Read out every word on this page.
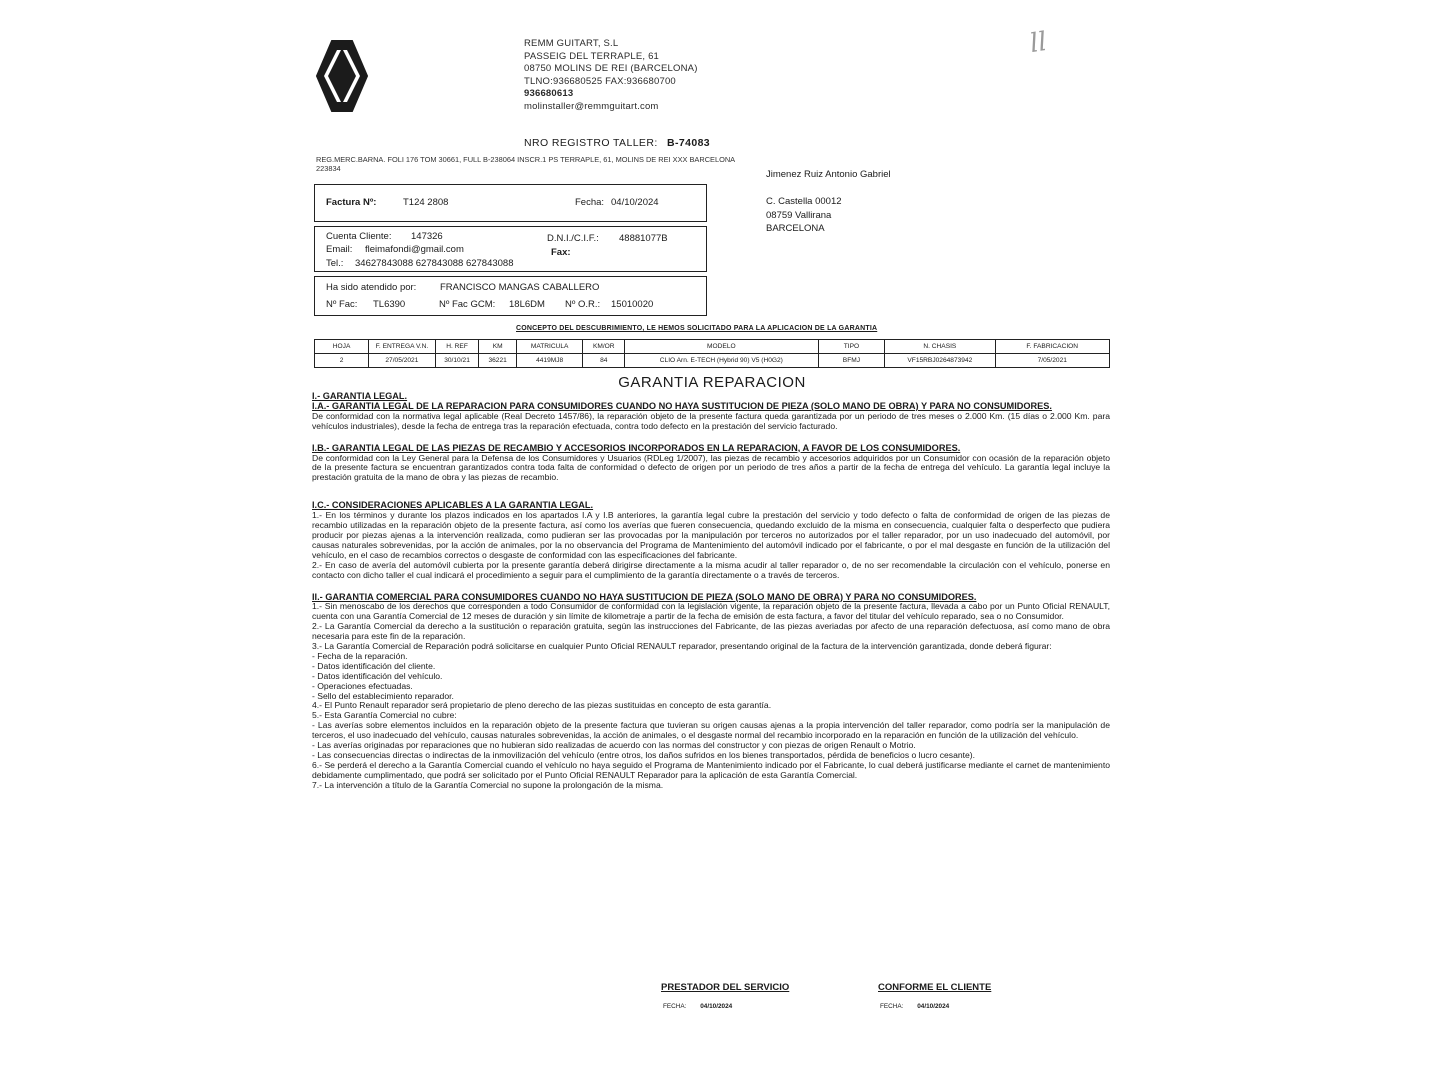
REMM GUITART, S.L
PASSEIG DEL TERRAPLE, 61
08750 MOLINS DE REI (BARCELONA)
TLNO:936680525 FAX:936680700
936680613
molinstaller@remmguitart.com
ll
NRO REGISTRO TALLER: B-74083
REG.MERC.BARNA. FOLI 176 TOM 30661, FULL B-238064 INSCR.1 PS TERRAPLE, 61, MOLINS DE REI XXX BARCELONA 223834
Factura Nº:	T124 2808	Fecha: 04/10/2024
Cuenta Cliente: 147326	D.N.I./C.I.F.: 48881077B
Email: fleimafondi@gmail.com	Fax:
Tel.: 34627843088 627843088 627843088
Ha sido atendido por: FRANCISCO MANGAS CABALLERO
Nº Fac: TL6390	Nº Fac GCM: 18L6DM Nº O.R.: 15010020
Jimenez Ruiz Antonio Gabriel
C. Castella 00012
08759 Vallirana
BARCELONA
CONCEPTO DEL DESCUBRIMIENTO, LE HEMOS SOLICITADO PARA LA APLICACION DE LA GARANTIA
HOJA	F. ENTREGA V.N.	H. REF	KM	MATRICULA	KM/OR	MODELO	TIPO	N. CHASIS	F. FABRICACION
2	27/05/2021	30/10/21	36221	4419MJ8	84	CLIO Arn. E-TECH (Hybrid 90) V5 (H0G2)	BFMJ	VF15RBJ0264873942	7/05/2021
GARANTIA REPARACION

I.- GARANTIA LEGAL.

I.A.- GARANTIA LEGAL DE LA REPARACION PARA CONSUMIDORES CUANDO NO HAYA SUSTITUCION DE PIEZA (SOLO MANO DE OBRA) Y PARA NO CONSUMIDORES.

De conformidad con la normativa legal aplicable (Real Decreto 1457/86), la reparación objeto de la presente factura queda garantizada por un periodo de tres meses o 2.000 Km. (15 días o 2.000 Km. para vehículos industriales), desde la fecha de entrega tras la reparación efectuada, contra todo defecto en la prestación del servicio facturado.

I.B.- GARANTIA LEGAL DE LAS PIEZAS DE RECAMBIO Y ACCESORIOS INCORPORADOS EN LA REPARACION, A FAVOR DE LOS CONSUMIDORES.

De conformidad con la Ley General para la Defensa de los Consumidores y Usuarios (RDLeg 1/2007), las piezas de recambio y accesorios adquiridos por un Consumidor con ocasión de la reparación objeto de la presente factura se encuentran garantizados contra toda falta de conformidad o defecto de origen por un periodo de tres años a partir de la fecha de entrega del vehículo. La garantía legal incluye la prestación gratuita de la mano de obra y las piezas de recambio.

I.C.- CONSIDERACIONES APLICABLES A LA GARANTIA LEGAL.

1.- En los términos y durante los plazos indicados en los apartados I.A y I.B anteriores, la garantía legal cubre la prestación del servicio y todo defecto o falta de conformidad de origen de las piezas de recambio utilizadas en la reparación objeto de la presente factura, así como los averías que fueren consecuencia, quedando excluido de la misma en consecuencia, cualquier falta o desperfecto que pudiera producir por piezas ajenas a la intervención realizada, como pudieran ser las provocadas por la manipulación por terceros no autorizados por el taller reparador, por un uso inadecuado del automóvil, por causas naturales sobrevenidas, por la acción de animales, por la no observancia del Programa de Mantenimiento del automóvil indicado por el fabricante, o por el mal desgaste en función de la utilización del vehículo, en el caso de recambios correctos o desgaste de conformidad con las especificaciones del fabricante.

2.- En caso de avería del automóvil cubierta por la presente garantía deberá dirigirse directamente a la misma acudir al taller reparador o, de no ser recomendable la circulación con el vehículo, ponerse en contacto con dicho taller el cual indicará el procedimiento a seguir para el cumplimiento de la garantía directamente o a través de terceros.

II.- GARANTIA COMERCIAL PARA CONSUMIDORES CUANDO NO HAYA SUSTITUCION DE PIEZA (SOLO MANO DE OBRA) Y PARA NO CONSUMIDORES.

1.- Sin menoscabo de los derechos que corresponden a todo Consumidor de conformidad con la legislación vigente, la reparación objeto de la presente factura, llevada a cabo por un Punto Oficial RENAULT, cuenta con una Garantía Comercial de 12 meses de duración y sin límite de kilometraje a partir de la fecha de emisión de esta factura, a favor del titular del vehículo reparado, sea o no Consumidor.

2.- La Garantía Comercial da derecho a la sustitución o reparación gratuita, según las instrucciones del Fabricante, de las piezas averiadas por afecto de una reparación defectuosa, así como mano de obra necesaria para este fin de la reparación.

3.- La Garantía Comercial de Reparación podrá solicitarse en cualquier Punto Oficial RENAULT reparador, presentando original de la factura de la intervención garantizada, donde deberá figurar:

- Fecha de la reparación.

- Datos identificación del cliente.

- Datos identificación del vehículo.

- Operaciones efectuadas.

- Sello del establecimiento reparador.

4.- El Punto Renault reparador será propietario de pleno derecho de las piezas sustituidas en concepto de esta garantía.

5.- Esta Garantía Comercial no cubre:

- Las averías sobre elementos incluidos en la reparación objeto de la presente factura que tuvieran su origen causas ajenas a la propia intervención del taller reparador, como podría ser la manipulación de terceros, el uso inadecuado del vehículo, causas naturales sobrevenidas, la acción de animales, o el desgaste normal del recambio incorporado en la reparación en función de la utilización del vehículo.

- Las averías originadas por reparaciones que no hubieran sido realizadas de acuerdo con las normas del constructor y con piezas de origen Renault o Motrio.

- Las consecuencias directas o indirectas de la inmovilización del vehículo (entre otros, los daños sufridos en los bienes transportados, pérdida de beneficios o lucro cesante).

6.- Se perderá el derecho a la Garantía Comercial cuando el vehículo no haya seguido el Programa de Mantenimiento indicado por el Fabricante, lo cual deberá justificarse mediante el carnet de mantenimiento debidamente cumplimentado, que podrá ser solicitado por el Punto Oficial RENAULT Reparador para la aplicación de esta Garantía Comercial.

7.- La intervención a título de la Garantía Comercial no supone la prolongación de la misma.

PRESTADOR DEL SERVICIO
FECHA: 04/10/2024
CONFORME EL CLIENTE
FECHA: 04/10/2024
